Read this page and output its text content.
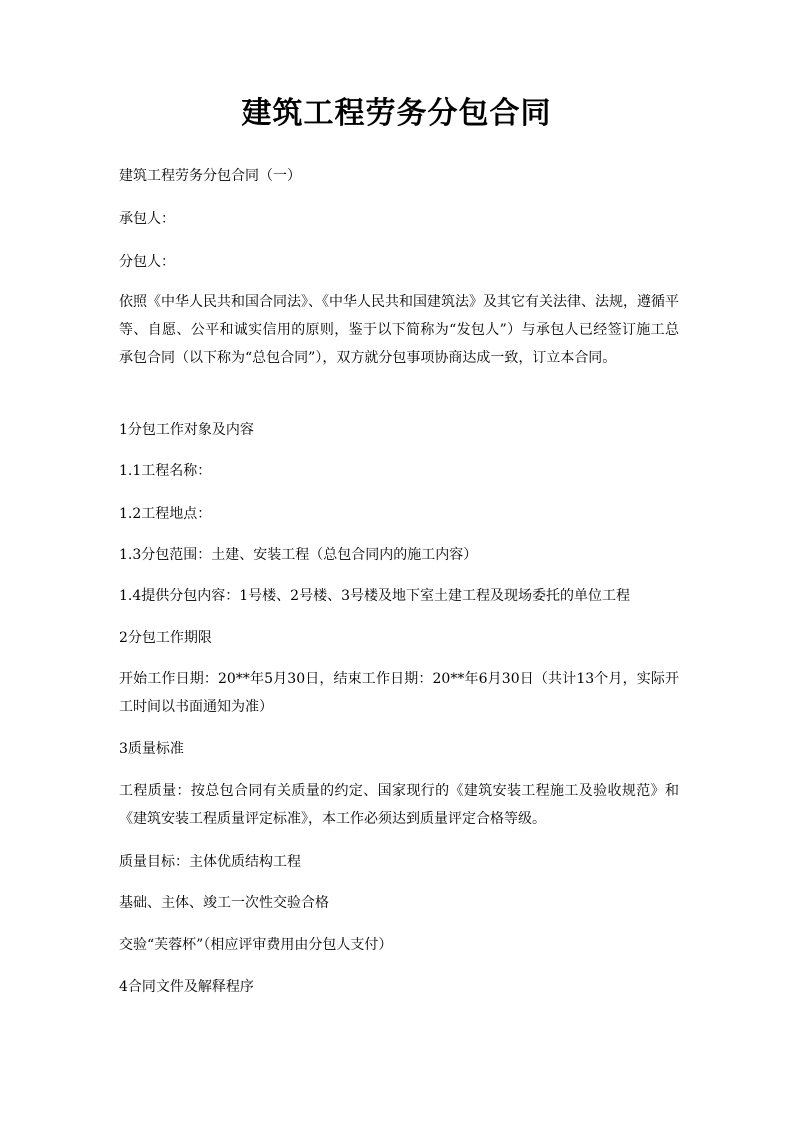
建筑工程劳务分包合同

建筑工程劳务分包合同（一）

承包人：

分包人：

依照《中华人民共和国合同法》、《中华人民共和国建筑法》及其它有关法律、法规，遵循平等、自愿、公平和诚实信用的原则，鉴于以下简称为“发包人”）与承包人已经签订施工总承包合同（以下称为“总包合同”），双方就分包事项协商达成一致，订立本合同。

1分包工作对象及内容

1.1工程名称：

1.2工程地点：

1.3分包范围：土建、安装工程（总包合同内的施工内容）

1.4提供分包内容：1号楼、2号楼、3号楼及地下室土建工程及现场委托的单位工程

2分包工作期限

开始工作日期：20**年5月30日，结束工作日期：20**年6月30日（共计13个月，实际开工时间以书面通知为准）

3质量标准

工程质量：按总包合同有关质量的约定、国家现行的《建筑安装工程施工及验收规范》和《建筑安装工程质量评定标准》，本工作必须达到质量评定合格等级。

质量目标：主体优质结构工程

基础、主体、竣工一次性交验合格

交验“芙蓉杯”（相应评审费用由分包人支付）

4合同文件及解释程序
